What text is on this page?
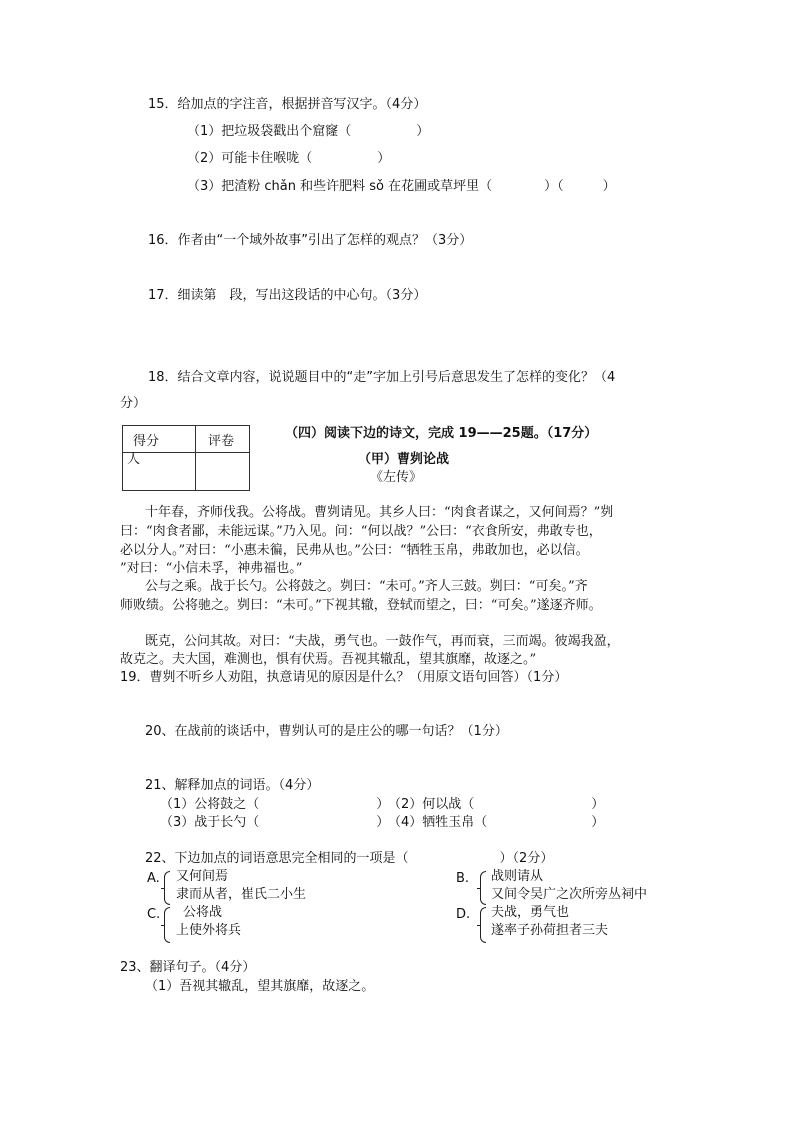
15．给加点的字注音，根据拼音写汉字。（4分）
（1）把垃圾袋戳出个窟窿（　　　　　）
（2）可能卡住喉咙（　　　　　）
（3）把渣粉 chǎn 和些许肥料 sǒ 在花圃或草坪里（　　　　）（　　　）
16．作者由“一个域外故事”引出了怎样的观点？（3分）
17．细读第　段，写出这段话的中心句。（3分）
18．结合文章内容，说说题目中的“走”字加上引号后意思发生了怎样的变化？（4
分）
得分	评卷
人	
（四）阅读下边的诗文，完成 19——25题。（17分）
（甲）曹刿论战
《左传》
十年春，齐师伐我。公将战。曹刿请见。其乡人曰：“肉食者谋之，又何间焉？”刿
曰：“肉食者鄙，未能远谋。”乃入见。问：“何以战？”公曰：“衣食所安，弗敢专也，
必以分人。”对曰：“小惠未徧，民弗从也。”公曰：“牺牲玉帛，弗敢加也，必以信。
”对曰：“小信未孚，神弗福也。”
公与之乘。战于长勺。公将鼓之。刿曰：“未可。”齐人三鼓。刿曰：“可矣。”齐
师败绩。公将驰之。刿曰：“未可。”下视其辙，登轼而望之，曰：“可矣。”遂逐齐师。
既克，公问其故。对曰：“夫战，勇气也。一鼓作气，再而衰，三而竭。彼竭我盈，
故克之。夫大国，难测也，惧有伏焉。吾视其辙乱，望其旗靡，故逐之。”
19．曹刿不听乡人劝阻，执意请见的原因是什么？（用原文语句回答）（1分）
20、在战前的谈话中，曹刿认可的是庄公的哪一句话？（1分）
21、解释加点的词语。（4分）
（1）公将鼓之（　　　　　　　　　）
（2）何以战（　　　　　　　　　）
（3）战于长勺（　　　　　　　　　）
（4）牺牲玉帛（　　　　　　　　）
22、下边加点的词语意思完全相同的一项是（　　　　　　　）（2分）
A. 又何间焉
隶而从者，崔氏二小生
B. 战则请从
又间令吴广之次所旁丛祠中
C. 公将战
上使外将兵
D. 夫战，勇气也
遂率子孙荷担者三夫
23、翻译句子。（4分）
（1）吾视其辙乱，望其旗靡，故逐之。
